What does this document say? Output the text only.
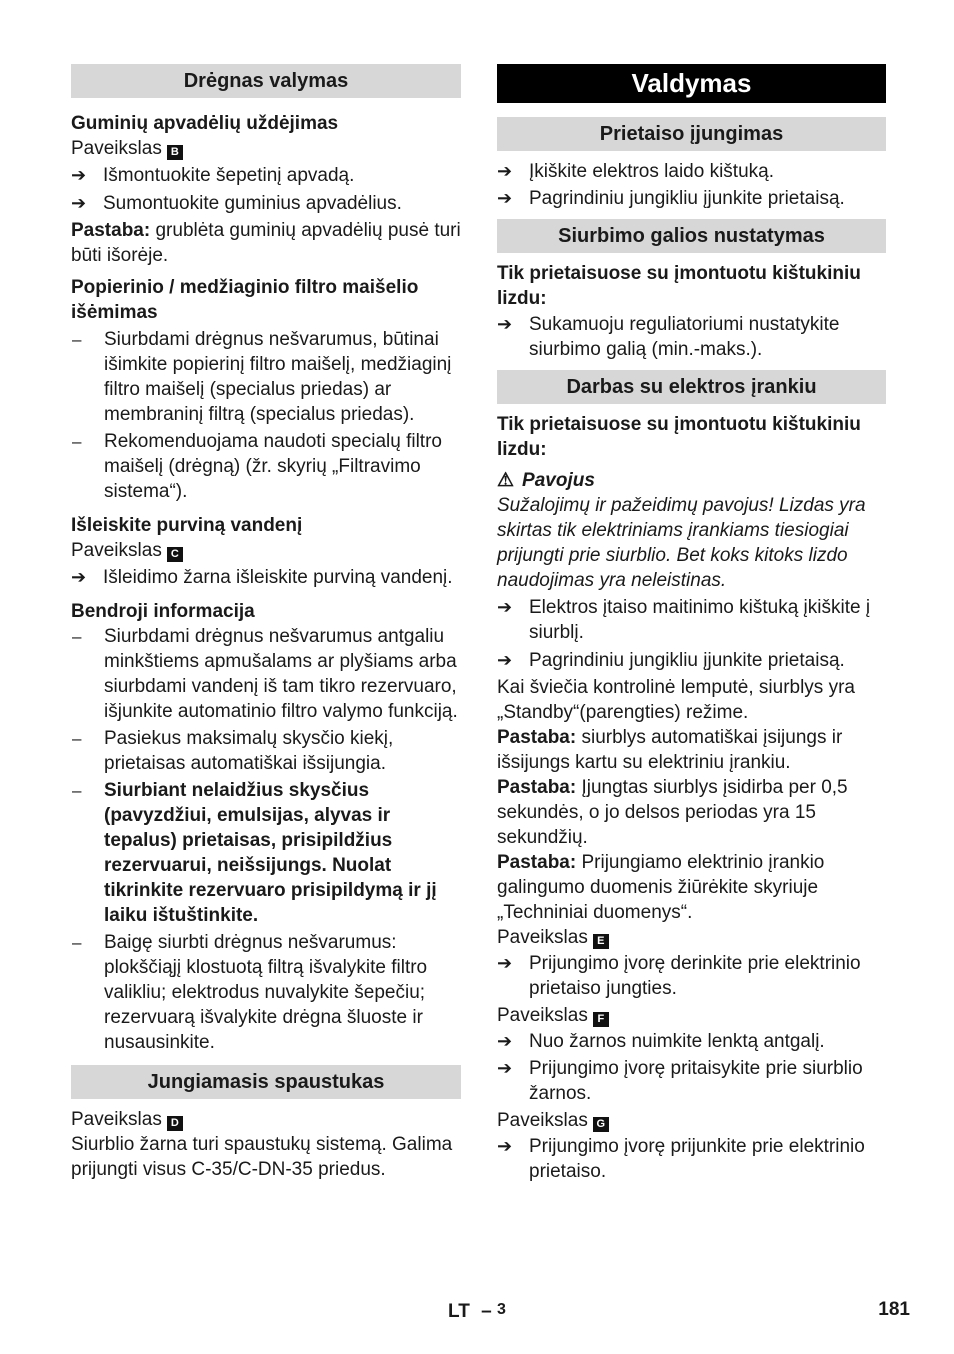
Drėgnas valymas

Guminių apvadėlių uždėjimas

Paveikslas B

➔ Išmontuokite šepetinį apvadą.
➔ Sumontuokite guminius apvadėlius.

Pastaba: grublėta guminių apvadėlių pusė turi būti išorėje.

Popierinio / medžiaginio filtro maišelio išėmimas

–	Siurbdami drėgnus nešvarumus, būtinai išimkite popierinį filtro maišelį, medžiaginį filtro maišelį (specialus priedas) ar membraninį filtrą (specialus priedas).
–	Rekomenduojama naudoti specialų filtro maišelį (drėgną) (žr. skyrių „Filtravimo sistema“).

Išleiskite purviną vandenį

Paveikslas C

➔ Išleidimo žarna išleiskite purviną vandenį.

Bendroji informacija

–	Siurbdami drėgnus nešvarumus antgaliu minkštiems apmušalams ar plyšiams arba siurbdami vandenį iš tam tikro rezervuaro, išjunkite automatinio filtro valymo funkciją.
–	Pasiekus maksimalų skysčio kiekį, prietaisas automatiškai išsijungia.
–	Siurbiant nelaidžius skysčius (pavyzdžiui, emulsijas, alyvas ir tepalus) prietaisas, prisipildžius rezervuarui, neišsijungs. Nuolat tikrinkite rezervuaro prisipildymą ir jį laiku ištuštinkite.
–	Baigę siurbti drėgnus nešvarumus: plokščiąjį klostuotą filtrą išvalykite filtro valikliu; elektrodus nuvalykite šepečiu; rezervuarą išvalykite drėgna šluoste ir nusausinkite.
Jungiamasis spaustukas

Paveikslas D

Siurblio žarna turi spaustukų sistemą. Galima prijungti visus C-35/C-DN-35 priedus.

Valdymas
Prietaiso įjungimas
➔ Įkiškite elektros laido kištuką.
➔ Pagrindiniu jungikliu įjunkite prietaisą.
Siurbimo galios nustatymas

Tik prietaisuose su įmontuotu kištukiniu lizdu:

➔ Sukamuoju reguliatoriumi nustatykite siurbimo galią (min.-maks.).
Darbas su elektros įrankiu

Tik prietaisuose su įmontuotu kištukiniu lizdu:

⚠ Pavojus

Sužalojimų ir pažeidimų pavojus! Lizdas yra skirtas tik elektriniams įrankiams tiesiogiai prijungti prie siurblio. Bet koks kitoks lizdo naudojimas yra neleistinas.

➔ Elektros įtaiso maitinimo kištuką įkiškite į siurblį.
➔ Pagrindiniu jungikliu įjunkite prietaisą.

Kai šviečia kontrolinė lemputė, siurblys yra „Standby“(parengties) režime.

Pastaba: siurblys automatiškai įsijungs ir išsijungs kartu su elektriniu įrankiu.

Pastaba: Įjungtas siurblys įsidirba per 0,5 sekundės, o jo delsos periodas yra 15 sekundžių.

Pastaba: Prijungiamo elektrinio įrankio galingumo duomenis žiūrėkite skyriuje „Techniniai duomenys“.

Paveikslas E

➔ Prijungimo įvorę derinkite prie elektrinio prietaiso jungties.

Paveikslas F

➔ Nuo žarnos nuimkite lenktą antgalį.
➔ Prijungimo įvorę pritaisykite prie siurblio žarnos.

Paveikslas G

➔ Prijungimo įvorę prijunkite prie elektrinio prietaiso.
LT – 3	181
